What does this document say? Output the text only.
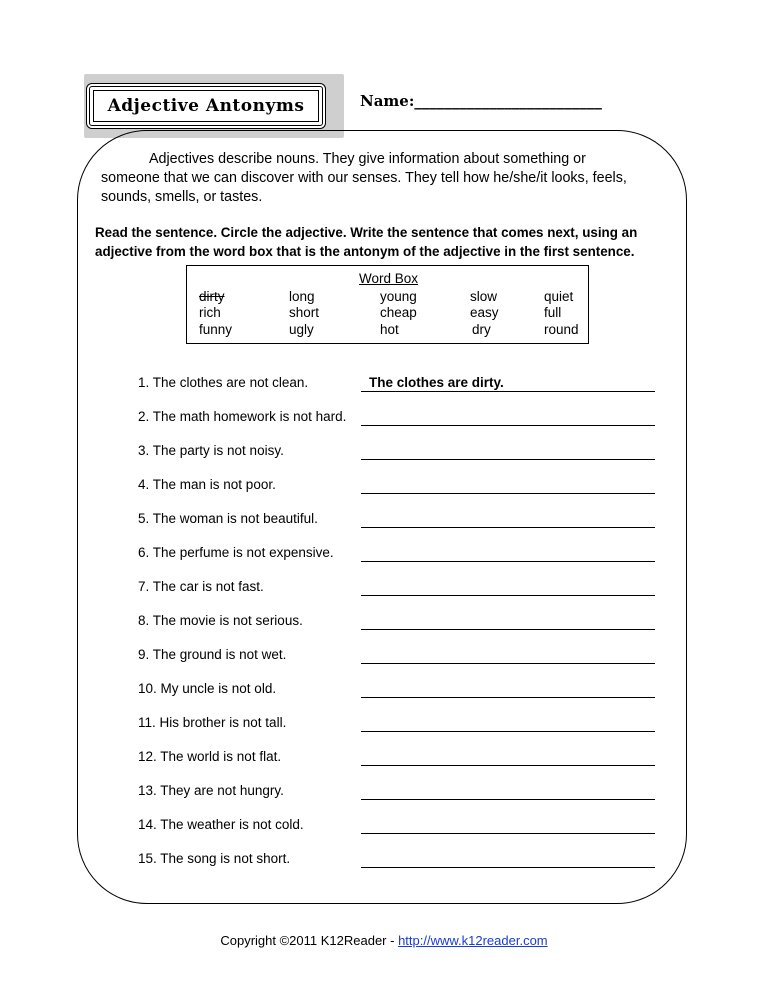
Adjective Antonyms	Name:_________________________
Adjectives describe nouns. They give information about something or
someone that we can discover with our senses. They tell how he/she/it looks, feels,
sounds, smells, or tastes.
Read the sentence. Circle the adjective. Write the sentence that comes next, using an
adjective from the word box that is the antonym of the adjective in the first sentence.
Word Box
dirty	long	young	slow	quiet
rich	short	cheap	easy	full
funny	ugly	hot	dry	round
1. The clothes are not clean.	The clothes are dirty.
2. The math homework is not hard.
3. The party is not noisy.
4. The man is not poor.
5. The woman is not beautiful.
6. The perfume is not expensive.
7. The car is not fast.
8. The movie is not serious.
9. The ground is not wet.
10. My uncle is not old.
11. His brother is not tall.
12. The world is not flat.
13. They are not hungry.
14. The weather is not cold.
15. The song is not short.
Copyright ©2011 K12Reader - http://www.k12reader.com
